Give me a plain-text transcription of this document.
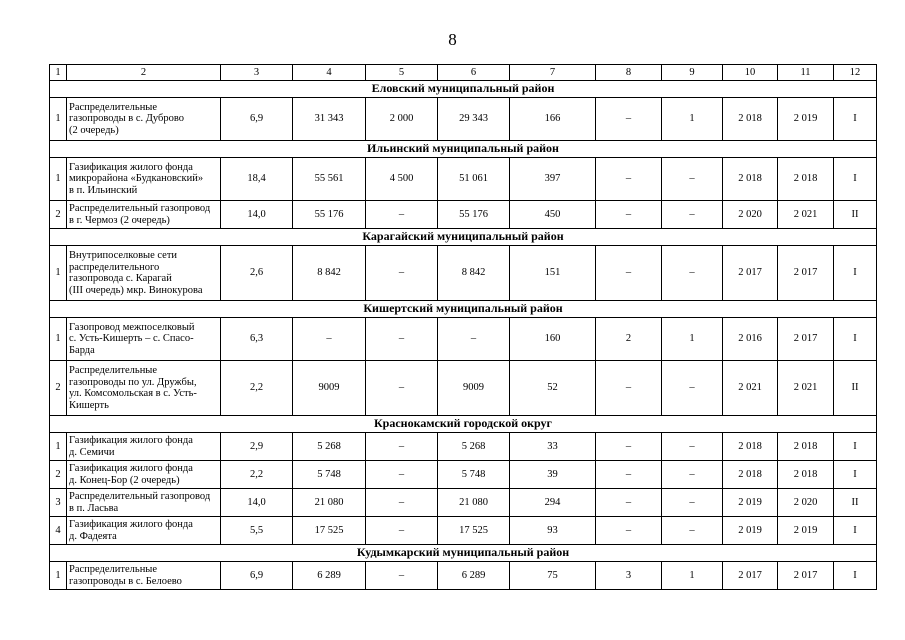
8
1	2	3	4	5	6	7	8	9	10	11	12
Еловский муниципальный район											
1	Распределительные
газопроводы в с. Дуброво
(2 очередь)	6,9	31 343	2 000	29 343	166	–	1	2 018	2 019	I
Ильинский муниципальный район											
1	Газификация жилого фонда
микрорайона «Будкановский»
в п. Ильинский	18,4	55 561	4 500	51 061	397	–	–	2 018	2 018	I
2	Распределительный газопровод
в г. Чермоз (2 очередь)	14,0	55 176	–	55 176	450	–	–	2 020	2 021	II
Карагайский муниципальный район											
1	Внутрипоселковые сети
распределительного
газопровода с. Карагай
(III очередь) мкр. Винокурова	2,6	8 842	–	8 842	151	–	–	2 017	2 017	I
Кишертский муниципальный район											
1	Газопровод межпоселковый
с. Усть-Кишерть – с. Спасо-
Барда	6,3	–	–	–	160	2	1	2 016	2 017	I
2	Распределительные
газопроводы по ул. Дружбы,
ул. Комсомольская в с. Усть-
Кишерть	2,2	9009	–	9009	52	–	–	2 021	2 021	II
Краснокамский городской округ											
1	Газификация жилого фонда
д. Семичи	2,9	5 268	–	5 268	33	–	–	2 018	2 018	I
2	Газификация жилого фонда
д. Конец-Бор (2 очередь)	2,2	5 748	–	5 748	39	–	–	2 018	2 018	I
3	Распределительный газопровод
в п. Ласьва	14,0	21 080	–	21 080	294	–	–	2 019	2 020	II
4	Газификация жилого фонда
д. Фадеята	5,5	17 525	–	17 525	93	–	–	2 019	2 019	I
Кудымкарский муниципальный район											
1	Распределительные
газопроводы в с. Белоево	6,9	6 289	–	6 289	75	3	1	2 017	2 017	I
